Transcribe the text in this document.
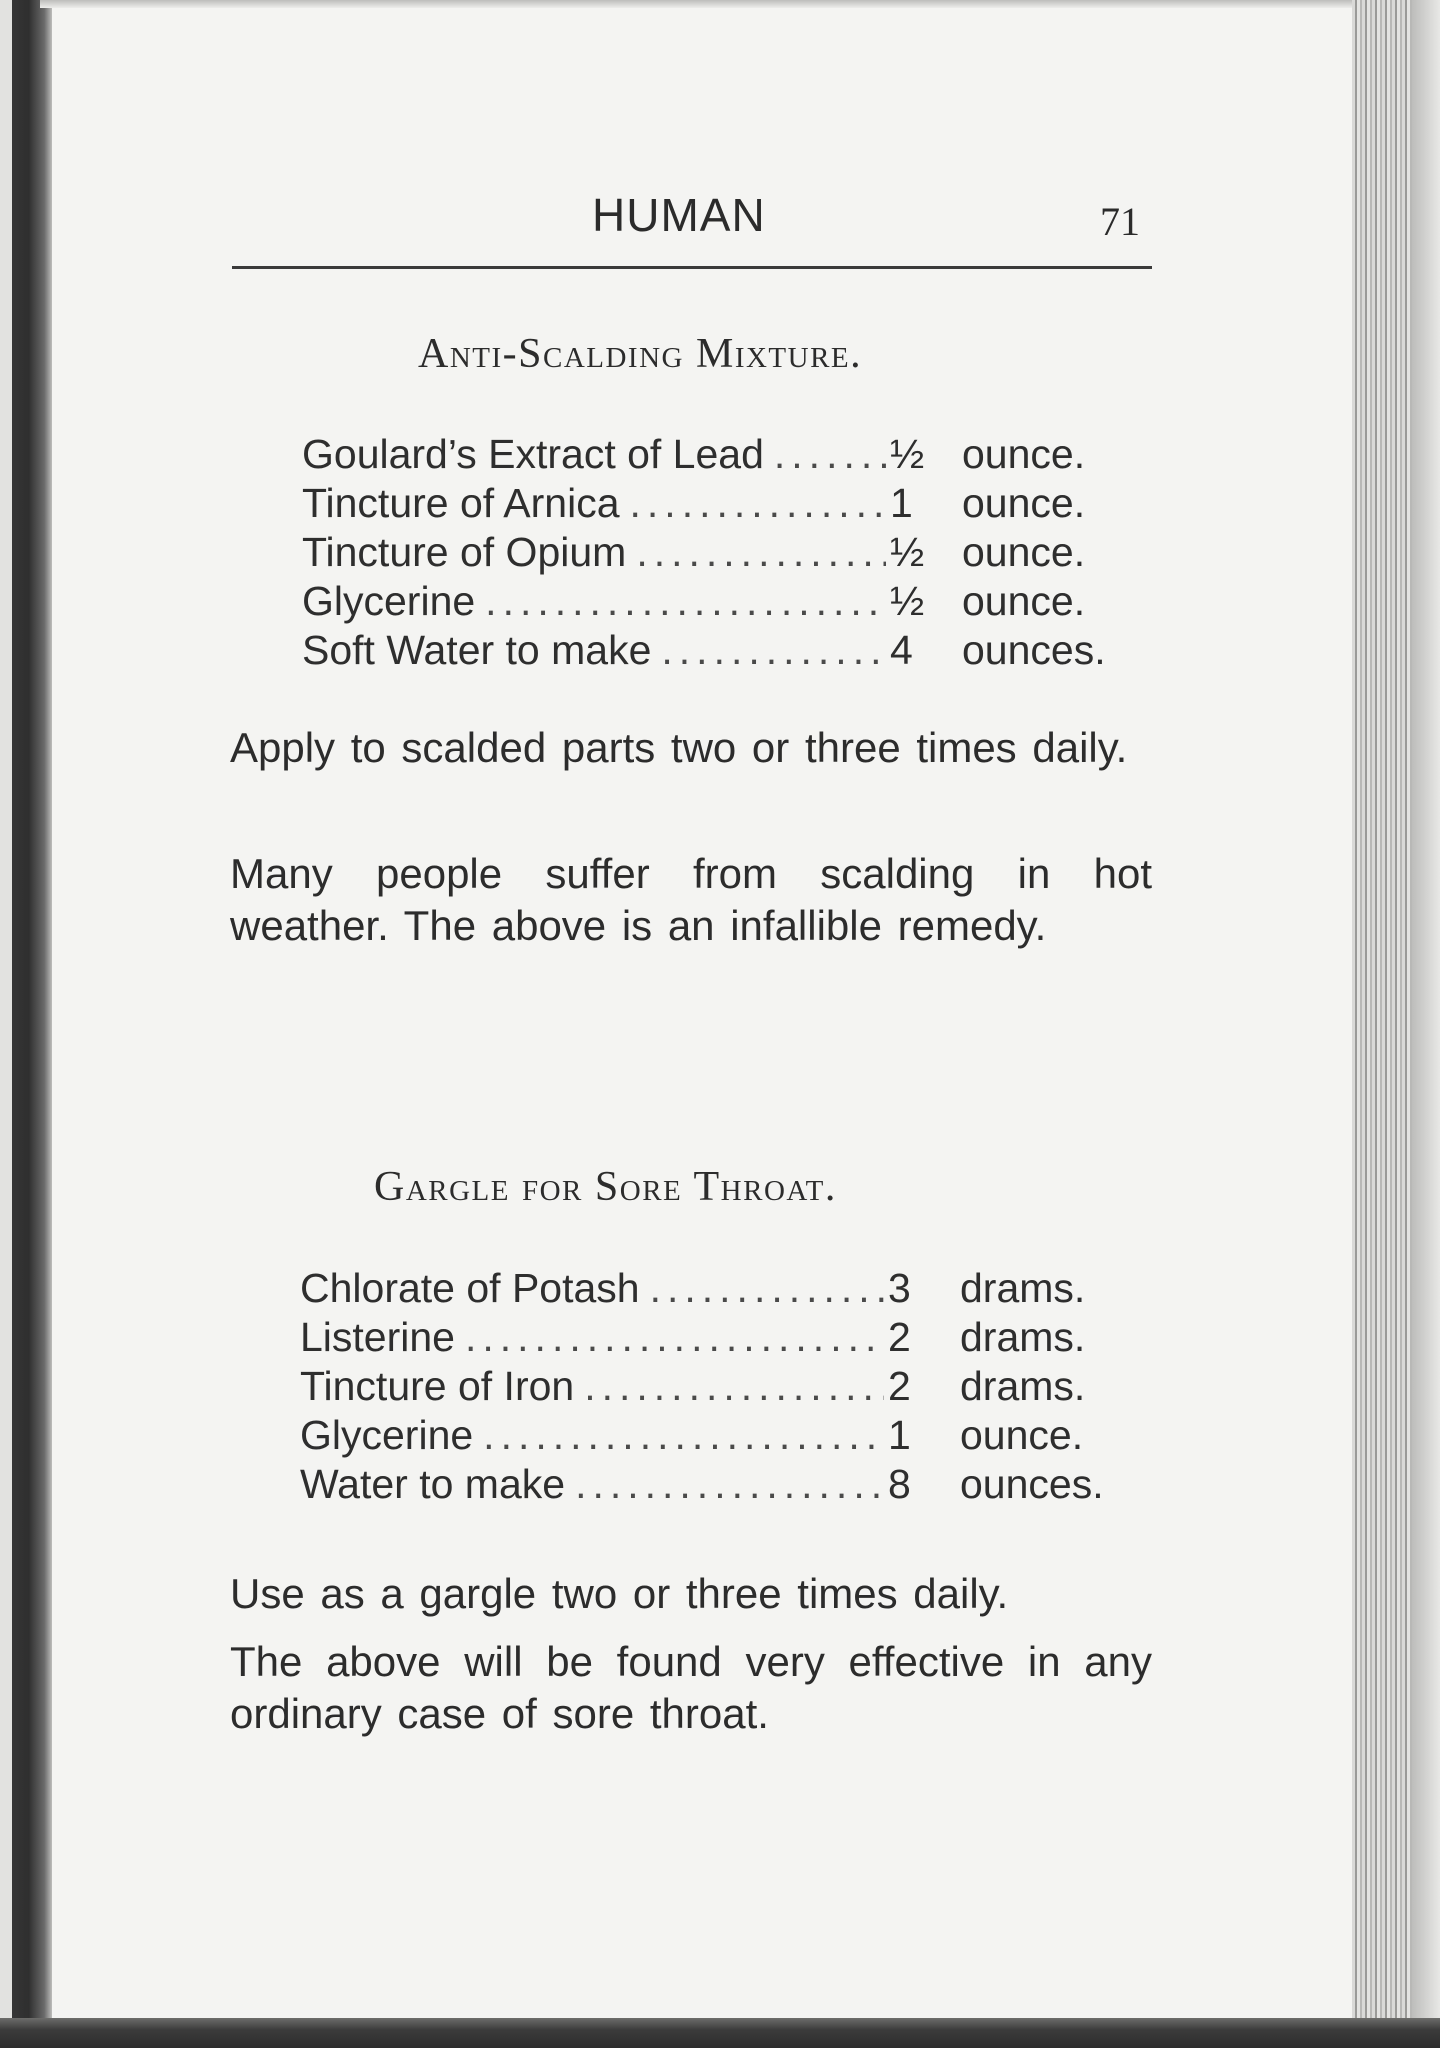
HUMAN	71
Anti-Scalding Mixture.
Goulard’s Extract of Lead .....	½ ounce.
Tincture of Arnica .....	1	ounce.
Tincture of Opium .....	½ ounce.
Glycerine .....	½ ounce.
Soft Water to make .....	4	ounces.

Apply to scalded parts two or three times daily.

Many people suffer from scalding in hot weather. The above is an infallible remedy.

Gargle for Sore Throat.
Chlorate of Potash .....	3	drams.
Listerine .....	2	drams.
Tincture of Iron .....	2	drams.
Glycerine .....	1	ounce.
Water to make .....	8	ounces.

Use as a gargle two or three times daily.

The above will be found very effective in any ordinary case of sore throat.
